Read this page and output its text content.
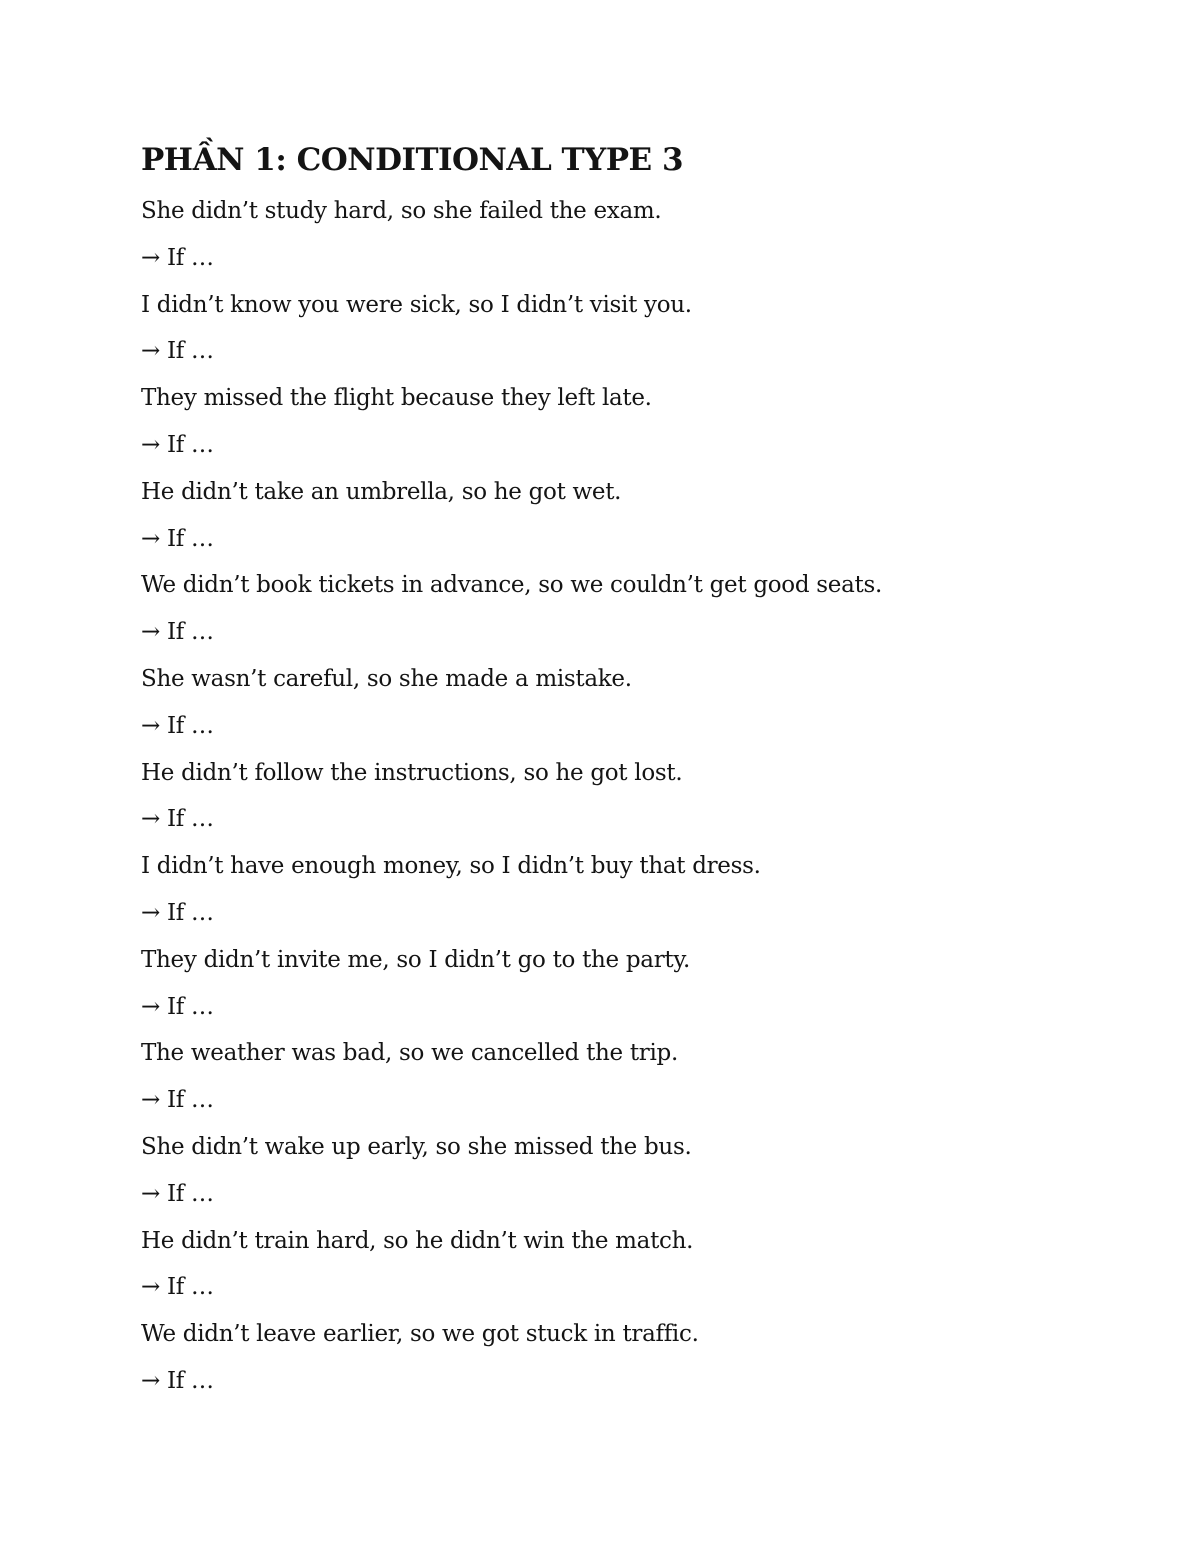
PHẦN 1: CONDITIONAL TYPE 3
She didn’t study hard, so she failed the exam.
→ If …
I didn’t know you were sick, so I didn’t visit you.
→ If …
They missed the flight because they left late.
→ If …
He didn’t take an umbrella, so he got wet.
→ If …
We didn’t book tickets in advance, so we couldn’t get good seats.
→ If …
She wasn’t careful, so she made a mistake.
→ If …
He didn’t follow the instructions, so he got lost.
→ If …
I didn’t have enough money, so I didn’t buy that dress.
→ If …
They didn’t invite me, so I didn’t go to the party.
→ If …
The weather was bad, so we cancelled the trip.
→ If …
She didn’t wake up early, so she missed the bus.
→ If …
He didn’t train hard, so he didn’t win the match.
→ If …
We didn’t leave earlier, so we got stuck in traffic.
→ If …
